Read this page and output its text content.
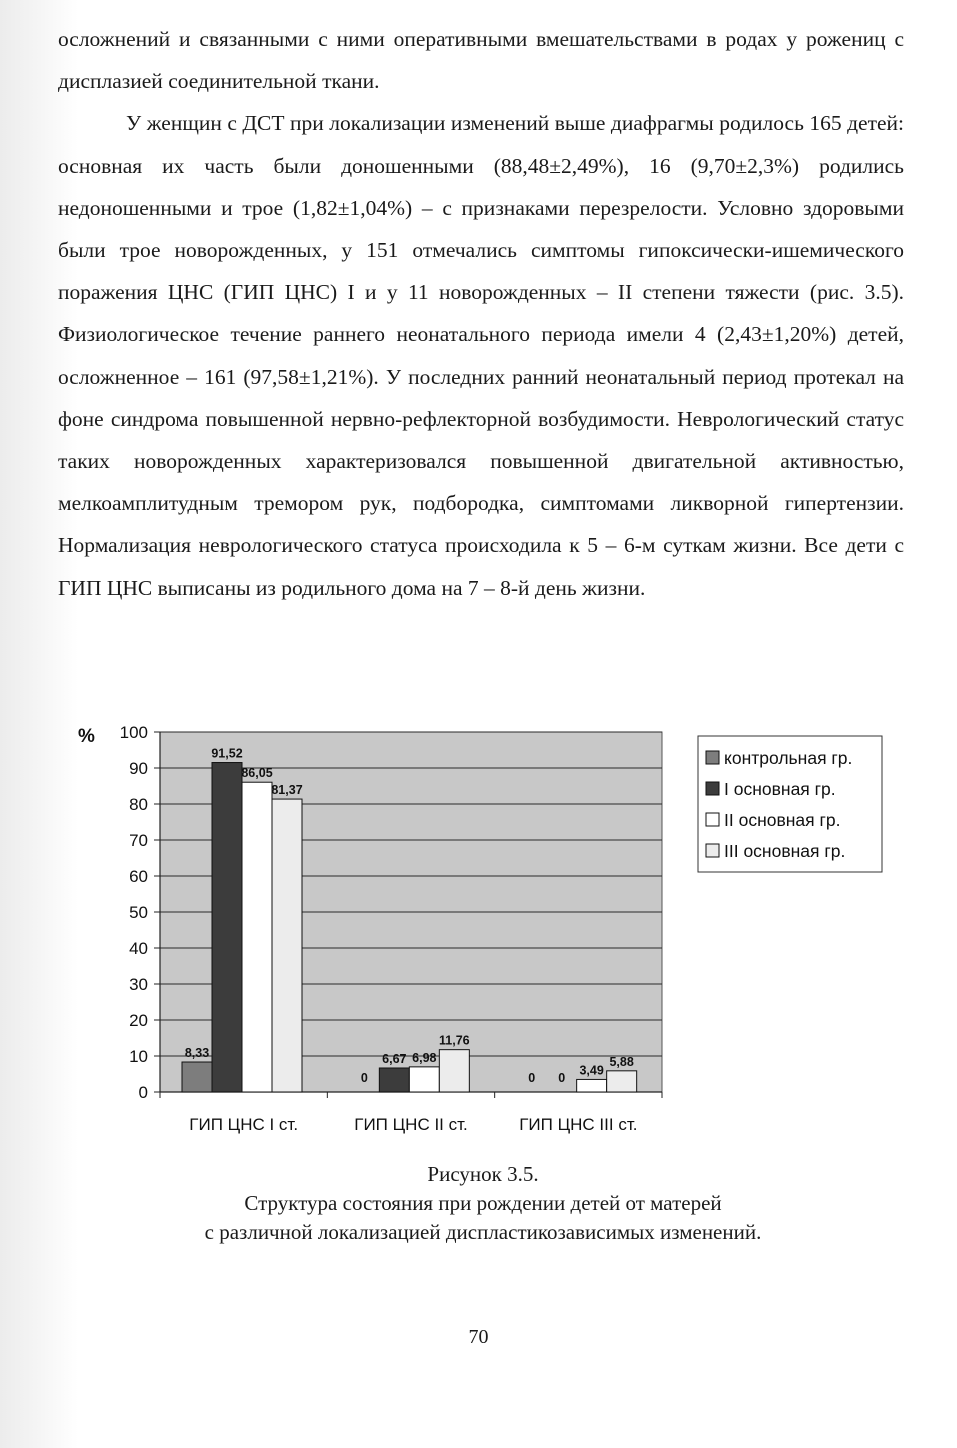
осложнений и связанными с ними оперативными вмешательствами в родах у рожениц с дисплазией соединительной ткани.

У женщин с ДСТ при локализации изменений выше диафрагмы родилось 165 детей: основная их часть были доношенными (88,48±2,49%), 16 (9,70±2,3%) родились недоношенными и трое (1,82±1,04%) – с признаками перезрелости. Условно здоровыми были трое новорожденных, у 151 отмечались симптомы гипоксически-ишемического поражения ЦНС (ГИП ЦНС) I и у 11 новорожденных – II степени тяжести (рис. 3.5). Физиологическое течение раннего неонатального периода имели 4 (2,43±1,20%) детей, осложненное – 161 (97,58±1,21%). У последних ранний неонатальный период протекал на фоне синдрома повышенной нервно-рефлекторной возбудимости. Неврологический статус таких новорожденных характеризовался повышенной двигательной активностью, мелкоамплитудным тремором рук, подбородка, симптомами ликворной гипертензии. Нормализация неврологического статуса происходила к 5 – 6-м суткам жизни. Все дети с ГИП ЦНС выписаны из родильного дома на 7 – 8-й день жизни.

0
10
20
30
40
50
60
70
80
90
100
%
ГИП ЦНС I ст.
8,33
91,52
86,05
81,37
ГИП ЦНС II ст.
0
6,67 6,98
11,76
ГИП ЦНС III ст.
0 0
3,49
5,88
контрольная гр.
I основная гр.
II основная гр.
III основная гр.
Рисунок 3.5.
Структура состояния при рождении детей от матерей
с различной локализацией диспластикозависимых изменений.
70
